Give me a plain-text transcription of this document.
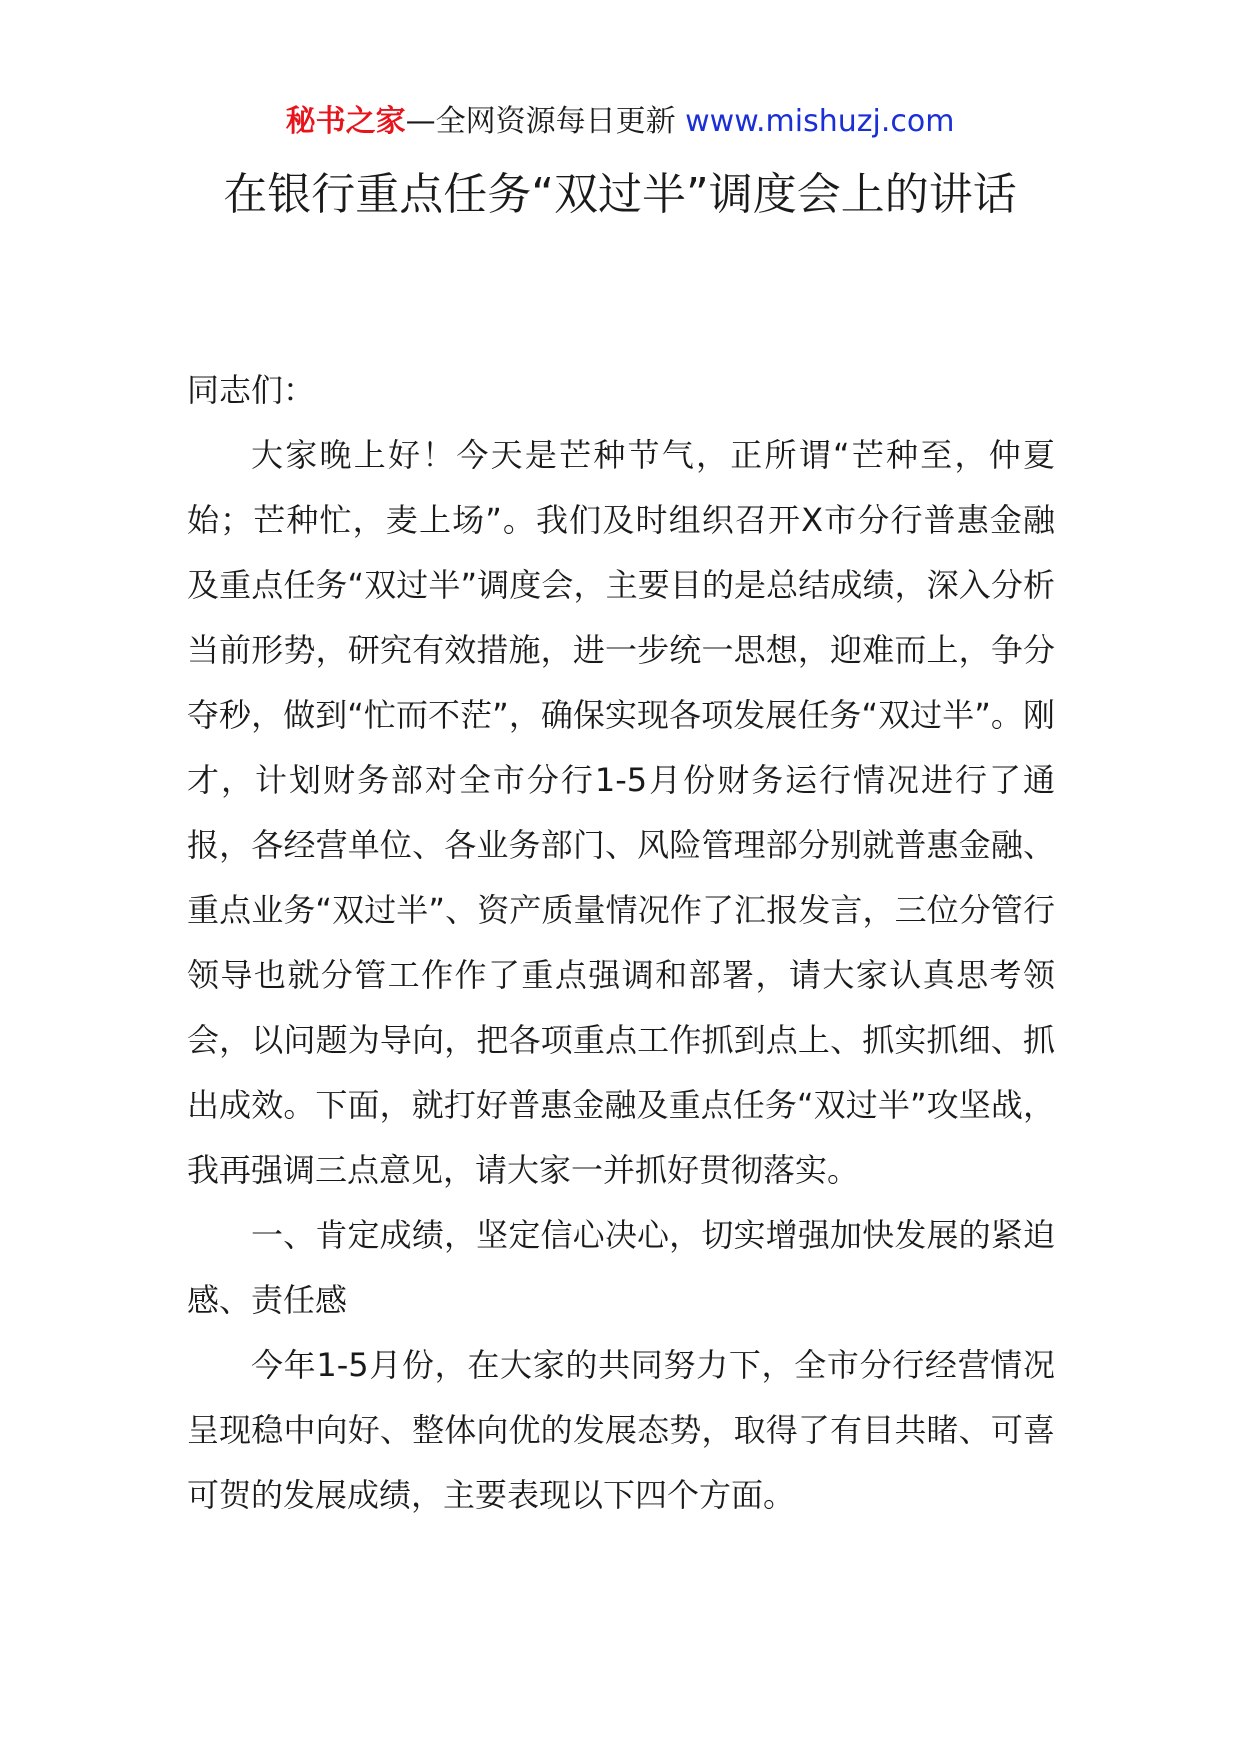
秘书之家—全网资源每日更新 www.mishuzj.com
在银行重点任务“双过半”调度会上的讲话

同志们：

大家晚上好！今天是芒种节气，正所谓“芒种至，仲夏始；芒种忙，麦上场”。我们及时组织召开X市分行普惠金融及重点任务“双过半”调度会，主要目的是总结成绩，深入分析当前形势，研究有效措施，进一步统一思想，迎难而上，争分夺秒，做到“忙而不茫”，确保实现各项发展任务“双过半”。刚才，计划财务部对全市分行1-5月份财务运行情况进行了通报，各经营单位、各业务部门、风险管理部分别就普惠金融、重点业务“双过半”、资产质量情况作了汇报发言，三位分管行领导也就分管工作作了重点强调和部署，请大家认真思考领会，以问题为导向，把各项重点工作抓到点上、抓实抓细、抓出成效。下面，就打好普惠金融及重点任务“双过半”攻坚战，我再强调三点意见，请大家一并抓好贯彻落实。

一、肯定成绩，坚定信心决心，切实增强加快发展的紧迫感、责任感

今年1-5月份，在大家的共同努力下，全市分行经营情况呈现稳中向好、整体向优的发展态势，取得了有目共睹、可喜可贺的发展成绩，主要表现以下四个方面。
